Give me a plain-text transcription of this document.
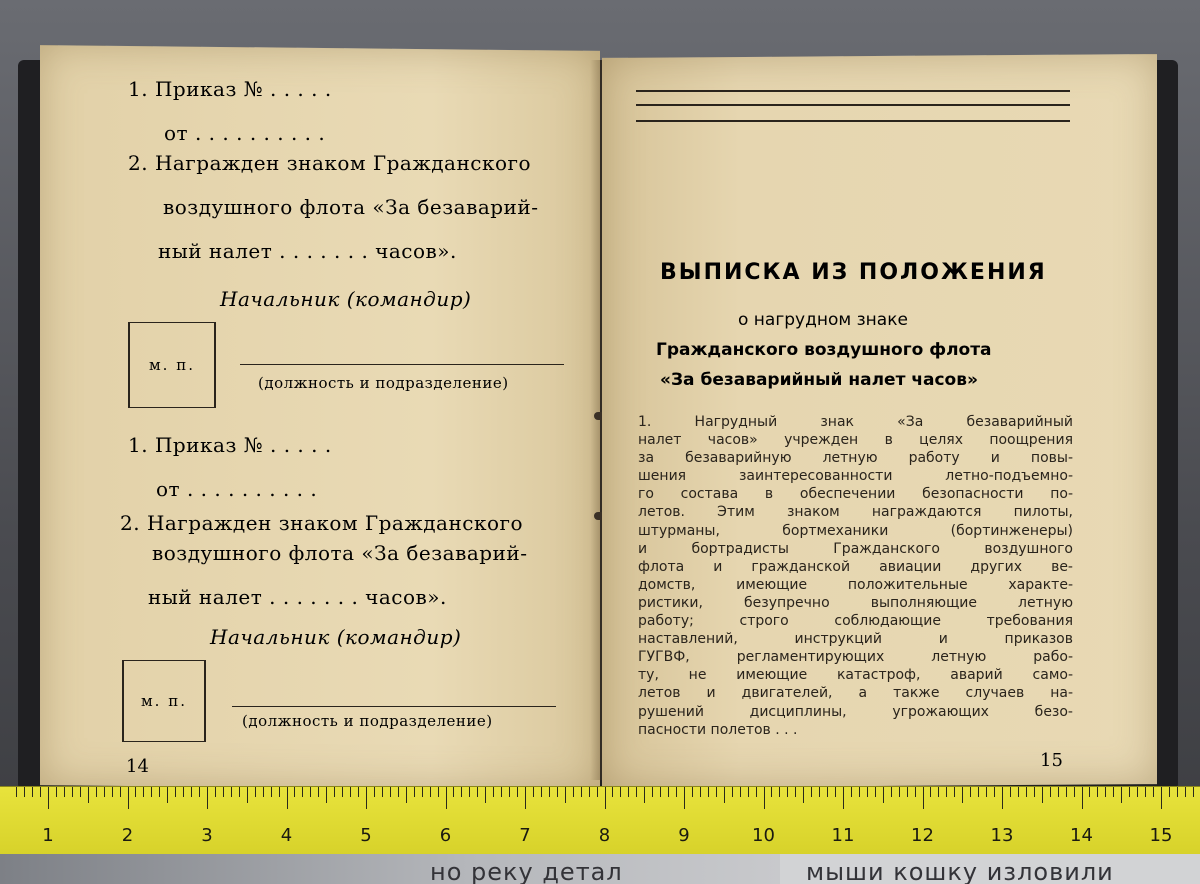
1. Приказ № . . . . .
от . . . . . . . . . .
2. Награжден знаком Гражданского
воздушного флота «За безаварий-
ный налет . . . . . . . часов».
Начальник (командир)
м. п.
(должность и подразделение)
1. Приказ № . . . . .
от . . . . . . . . . .
2. Награжден знаком Гражданского
воздушного флота «За безаварий-
ный налет . . . . . . . часов».
Начальник (командир)
м. п.
(должность и подразделение)
14
ВЫПИСКА ИЗ ПОЛОЖЕНИЯ
о нагрудном знаке
Гражданского воздушного флота
«За безаварийный налет часов»
1. Нагрудный знак «За безаварийный
налет часов» учрежден в целях поощрения
за безаварийную летную работу и повы-
шения заинтересованности летно-подъемно-
го состава в обеспечении безопасности по-
летов. Этим знаком награждаются пилоты,
штурманы, бортмеханики (бортинженеры)
и бортрадисты Гражданского воздушного
флота и гражданской авиации других ве-
домств, имеющие положительные характе-
ристики, безупречно выполняющие летную
работу; строго соблюдающие требования
наставлений, инструкций и приказов
ГУГВФ, регламентирующих летную рабо-
ту, не имеющие катастроф, аварий само-
летов и двигателей, а также случаев на-
рушений дисциплины, угрожающих безо-
пасности полетов . . .
15
1	2	3	4	5	6	7	8	9	10	11	12	13	14	15
но реку детал	мыши кошку изловили
